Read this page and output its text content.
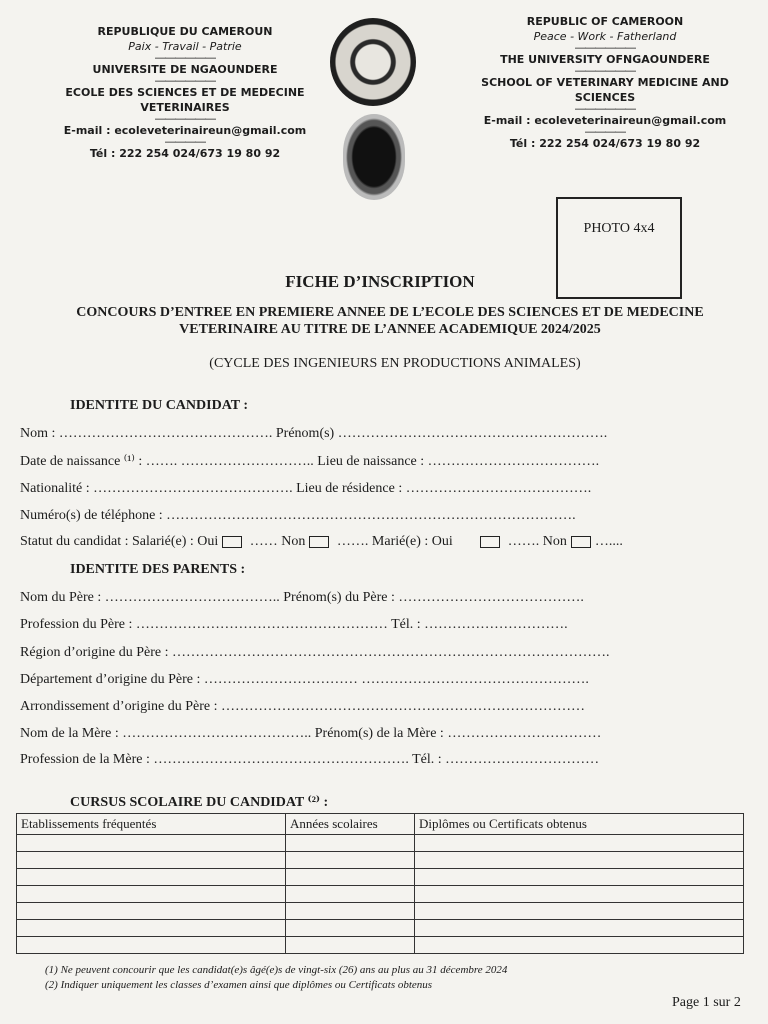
REPUBLIQUE DU CAMEROUN

Paix - Travail - Patrie

――――――

UNIVERSITE DE NGAOUNDERE

――――――

ECOLE DES SCIENCES ET DE MEDECINE VETERINAIRES

――――――

E-mail : ecoleveterinaireun@gmail.com

――――

Tél : 222 254 024/673 19 80 92

REPUBLIC OF CAMEROON

Peace - Work - Fatherland

――――――

THE UNIVERSITY OFNGAOUNDERE

――――――

SCHOOL OF VETERINARY MEDICINE AND SCIENCES

――――――

E-mail : ecoleveterinaireun@gmail.com

――――

Tél : 222 254 024/673 19 80 92

PHOTO 4x4
FICHE D’INSCRIPTION
CONCOURS D’ENTREE EN PREMIERE ANNEE DE L’ECOLE DES SCIENCES ET DE MEDECINE VETERINAIRE AU TITRE DE L’ANNEE ACADEMIQUE 2024/2025
(CYCLE DES INGENIEURS EN PRODUCTIONS ANIMALES)
IDENTITE DU CANDIDAT :
Nom : ………………………………………. Prénom(s) ………………………………………………….
Date de naissance ⁽¹⁾ : ……. ……………………….. Lieu de naissance : ……………………………….
Nationalité : ……………………………………. Lieu de résidence : ………………………………….
Numéro(s) de téléphone : …………………………………………………………………………….
Statut du candidat : Salarié(e) : Oui …… Non ……. Marié(e) : Oui	……. Non …....
IDENTITE DES PARENTS :
Nom du Père : ……………………………….. Prénom(s) du Père : ………………………………….
Profession du Père : ……………………………………………… Tél. : ………………………….
Région d’origine du Père : ………………………………………………………………………………….
Département d’origine du Père : …………………………… ………………………………………….
Arrondissement d’origine du Père : ……………………………………………………………………
Nom de la Mère : ………………………………….. Prénom(s) de la Mère : ……………………………
Profession de la Mère : ………………………………………………. Tél. : ……………………………
CURSUS SCOLAIRE DU CANDIDAT ⁽²⁾ :
Etablissements fréquentés	Années scolaires	Diplômes ou Certificats obtenus

(1) Ne peuvent concourir que les candidat(e)s âgé(e)s de vingt-six (26) ans au plus au 31 décembre 2024
(2) Indiquer uniquement les classes d’examen ainsi que diplômes ou Certificats obtenus
Page 1 sur 2
